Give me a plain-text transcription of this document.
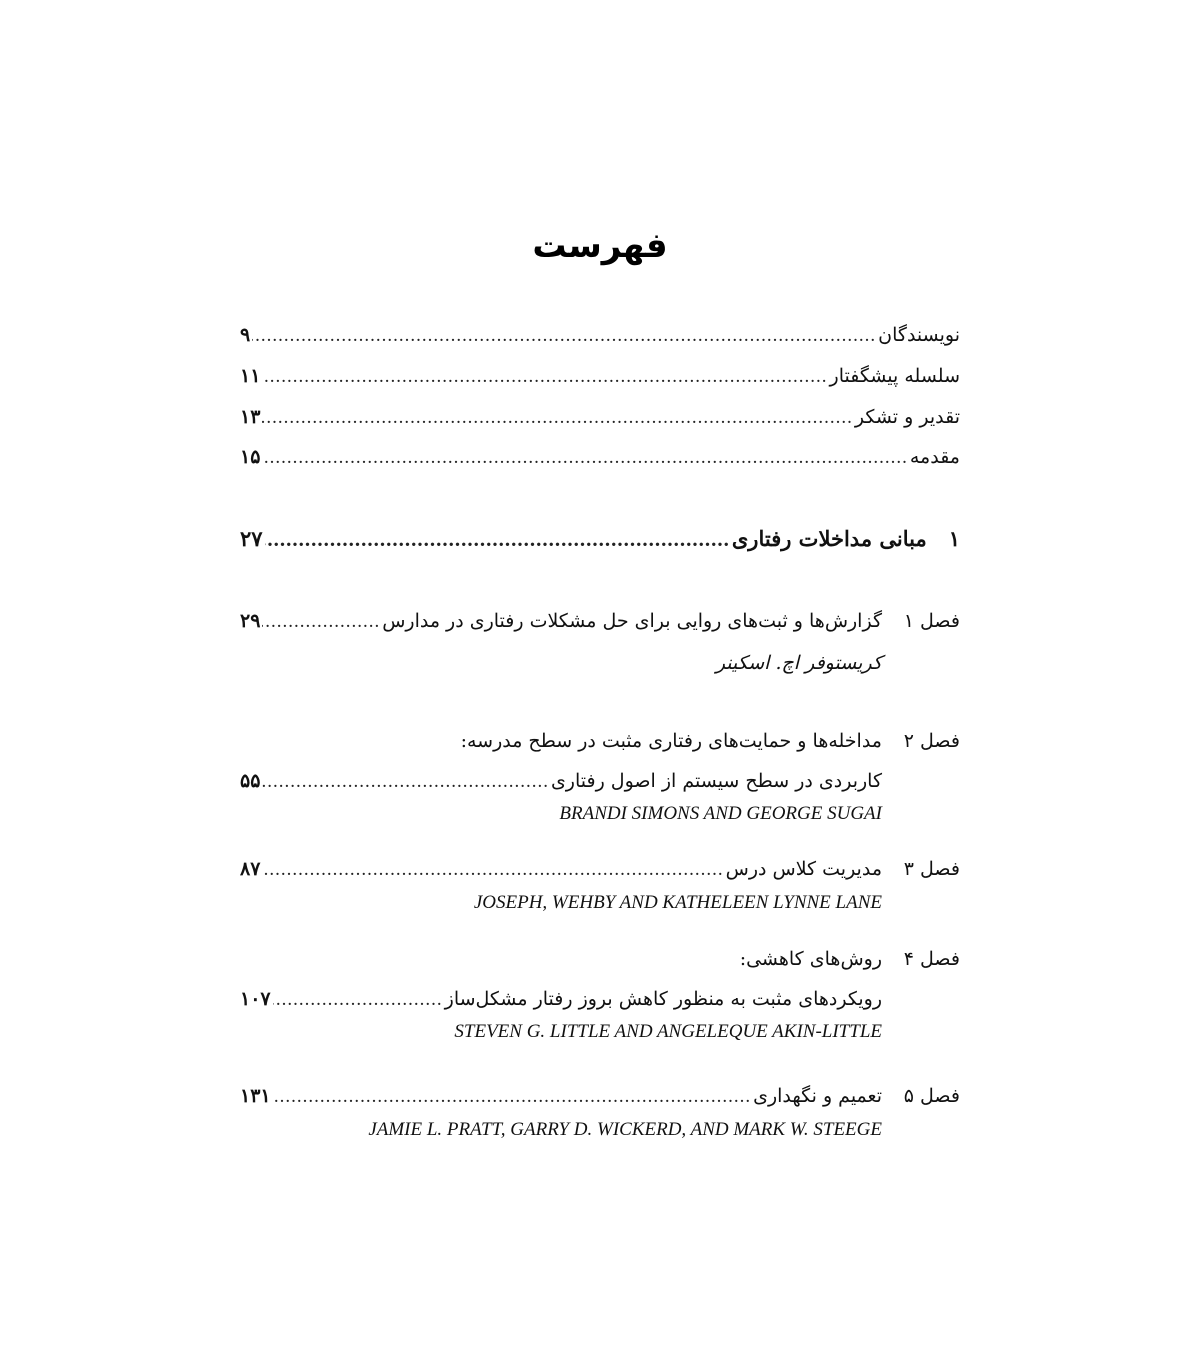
فهرست
نویسندگان
.....
۹
سلسله پیشگفتار
.....
۱۱
تقدیر و تشکر
.....
۱۳
مقدمه
.....
۱۵
۱
مبانی مداخلات رفتاری
.....
۲۷
فصل ۱
گزارش‌ها و ثبت‌های روایی برای حل مشکلات رفتاری در مدارس
.....
۲۹
کریستوفر اچ. اسکینر
فصل ۲
مداخله‌ها و حمایت‌های رفتاری مثبت در سطح مدرسه:
کاربردی در سطح سیستم از اصول رفتاری
.....
۵۵
BRANDI SIMONS AND GEORGE SUGAI
فصل ۳
مدیریت کلاس درس
.....
۸۷
JOSEPH, WEHBY AND KATHELEEN LYNNE LANE
فصل ۴
روش‌های کاهشی:
رویکردهای مثبت به منظور کاهش بروز رفتار مشکل‌ساز
.....
۱۰۷
STEVEN G. LITTLE AND ANGELEQUE AKIN-LITTLE
فصل ۵
تعمیم و نگهداری
.....
۱۳۱
JAMIE L. PRATT, GARRY D. WICKERD, AND MARK W. STEEGE
